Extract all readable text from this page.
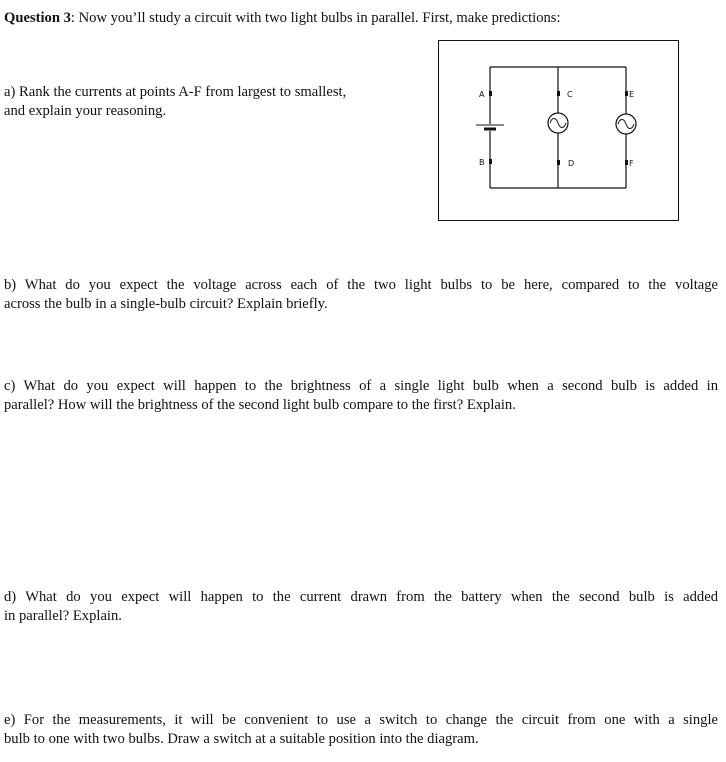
Question 3: Now you’ll study a circuit with two light bulbs in parallel. First, make predictions:

a) Rank the currents at points A-F from largest to smallest,

and explain your reasoning.

A
B
C
D
E
F

b) What do you expect the voltage across each of the two light bulbs to be here, compared to the voltage

across the bulb in a single-bulb circuit? Explain briefly.

c) What do you expect will happen to the brightness of a single light bulb when a second bulb is added in

parallel? How will the brightness of the second light bulb compare to the first? Explain.

d) What do you expect will happen to the current drawn from the battery when the second bulb is added

in parallel? Explain.

e) For the measurements, it will be convenient to use a switch to change the circuit from one with a single

bulb to one with two bulbs. Draw a switch at a suitable position into the diagram.
